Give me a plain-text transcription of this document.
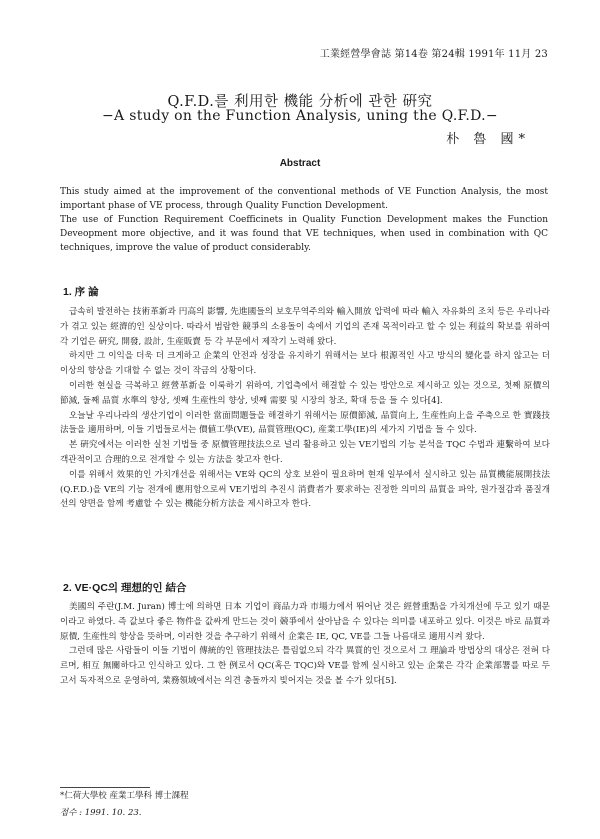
工業經營學會誌 第14卷 第24輯 1991年 11月 23
Q.F.D.를 利用한 機能 分析에 관한 硏究
−A study on the Function Analysis, uning the Q.F.D.−
朴 魯 國*
Abstract

This study aimed at the improvement of the conventional methods of VE Function Analysis, the most important phase of VE process, through Quality Function Development.

The use of Function Requirement Coefficinets in Quality Function Development makes the Function Deveopment more objective, and it was found that VE techniques, when used in combination with QC techniques, improve the value of product considerably.

1. 序 論

급속히 발전하는 技術革新과 円高의 影響, 先進國들의 보호무역주의와 輸入開放 압력에 따라 輸入 자유화의 조치 등은 우리나라가 겪고 있는 經濟的인 실상이다. 따라서 범람한 競爭의 소용돌이 속에서 기업의 존재 목적이라고 할 수 있는 利益의 확보를 위하여 각 기업은 硏究, 開發, 設計, 生産販賣 등 각 부문에서 제작기 노력해 왔다.

하지만 그 이익을 더욱 더 크게하고 企業의 안전과 성장을 유지하기 위해서는 보다 根源적인 사고 방식의 變化를 하지 않고는 더 이상의 향상을 기대할 수 없는 것이 작금의 상황이다.

이러한 현실을 극복하고 經營革新을 이룩하기 위하여, 기업측에서 해결할 수 있는 방안으로 제시하고 있는 것으로, 첫째 原價의 節減, 둘째 品質 水準의 향상, 셋째 生産性의 향상, 넷째 需要 및 시장의 창조, 확대 등을 들 수 있다[4].

오늘날 우리나라의 생산기업이 이러한 當面問題들을 해결하기 위해서는 原價節減, 品質向上, 生産性向上을 주축으로 한 實踐技法들을 適用하며, 이들 기법들로서는 價値工學(VE), 品質管理(QC), 産業工學(IE)의 세가지 기법을 들 수 있다.

본 硏究에서는 이러한 실천 기법들 중 原價管理技法으로 널리 활용하고 있는 VE기법의 기능 분석을 TQC 수법과 連繫하여 보다 객관적이고 合理的으로 전개할 수 있는 方法을 찾고자 한다.

이를 위해서 效果的인 가치개선을 위해서는 VE와 QC의 상호 보완이 필요하며 현재 일부에서 실시하고 있는 品質機能展開技法(Q.F.D.)을 VE의 기능 전개에 應用함으로써 VE기법의 추진시 消費者가 要求하는 진정한 의미의 品質을 파악, 원가절감과 품질개선의 양면을 함께 考慮할 수 있는 機能分析方法을 제시하고자 한다.

2. VE·QC의 理想的인 結合

美國의 주란(J.M. Juran) 博士에 의하면 日本 기업이 商品力과 市場力에서 뛰어난 것은 經營重點을 가치개선에 두고 있기 때문이라고 하였다. 즉 값보다 좋은 物件을 값싸게 만드는 것이 競爭에서 살아남을 수 있다는 의미를 내포하고 있다. 이것은 바로 品質과 原價, 生産性의 향상을 뜻하며, 이러한 것을 추구하기 위해서 企業은 IE, QC, VE를 그들 나름대로 適用시켜 왔다.

그런데 많은 사람들이 이들 기법이 傳統的인 管理技法은 틀림없으되 각각 異質的인 것으로서 그 理論과 방법상의 대상은 전혀 다르며, 相互 無關하다고 인식하고 있다. 그 한 例로서 QC(혹은 TQC)와 VE를 함께 실시하고 있는 企業은 각각 企業部署를 따로 두고서 독자적으로 운영하여, 業務領域에서는 의견 충돌까지 빚어지는 것을 볼 수가 있다[5].

*仁荷大學校 産業工學科 博士課程
접수 : 1991. 10. 23.
